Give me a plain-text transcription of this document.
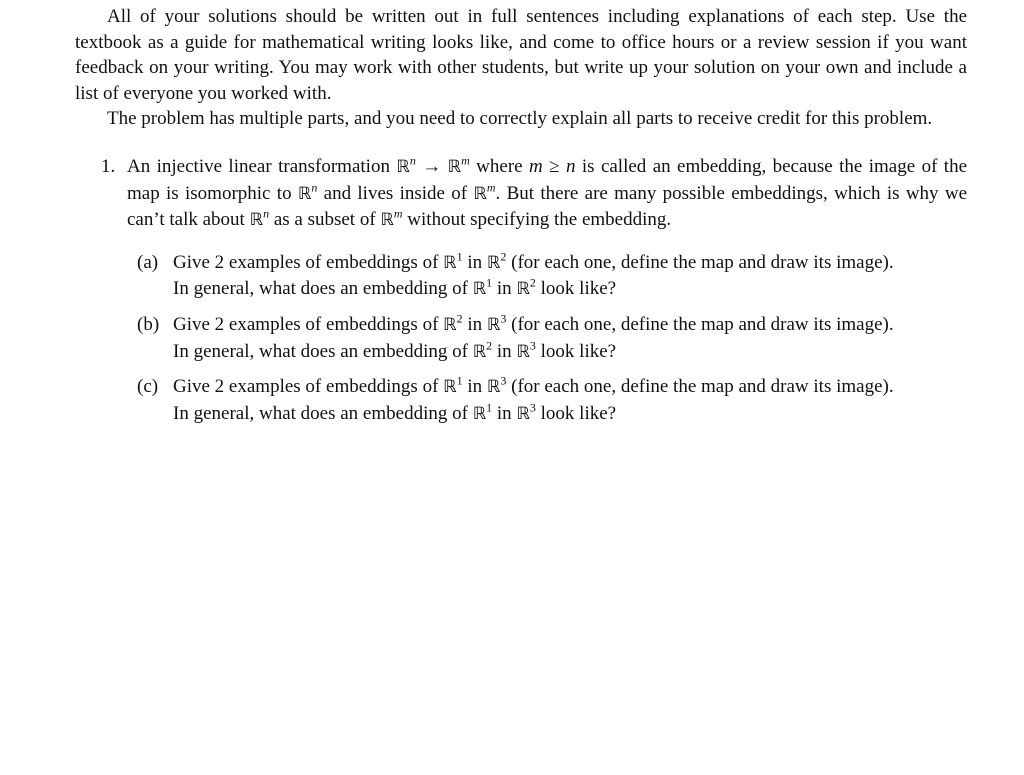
All of your solutions should be written out in full sentences including explanations of each step. Use the textbook as a guide for mathematical writing looks like, and come to office hours or a review session if you want feedback on your writing. You may work with other students, but write up your solution on your own and include a list of everyone you worked with.

The problem has multiple parts, and you need to correctly explain all parts to receive credit for this problem.

1. An injective linear transformation ℝ$^n$ → ℝ$^m$ where m ≥ n is called an embedding, because the image of the map is isomorphic to ℝ$^n$ and lives inside of ℝ$^m$. But there are many possible embeddings, which is why we can’t talk about ℝ$^n$ as a subset of ℝ$^m$ without specifying the embedding.
(a) Give 2 examples of embeddings of ℝ$^1$ in ℝ$^2$ (for each one, define the map and draw its image).
In general, what does an embedding of ℝ$^1$ in ℝ$^2$ look like?
(b) Give 2 examples of embeddings of ℝ$^2$ in ℝ$^3$ (for each one, define the map and draw its image).
In general, what does an embedding of ℝ$^2$ in ℝ$^3$ look like?
(c) Give 2 examples of embeddings of ℝ$^1$ in ℝ$^3$ (for each one, define the map and draw its image).
In general, what does an embedding of ℝ$^1$ in ℝ$^3$ look like?
